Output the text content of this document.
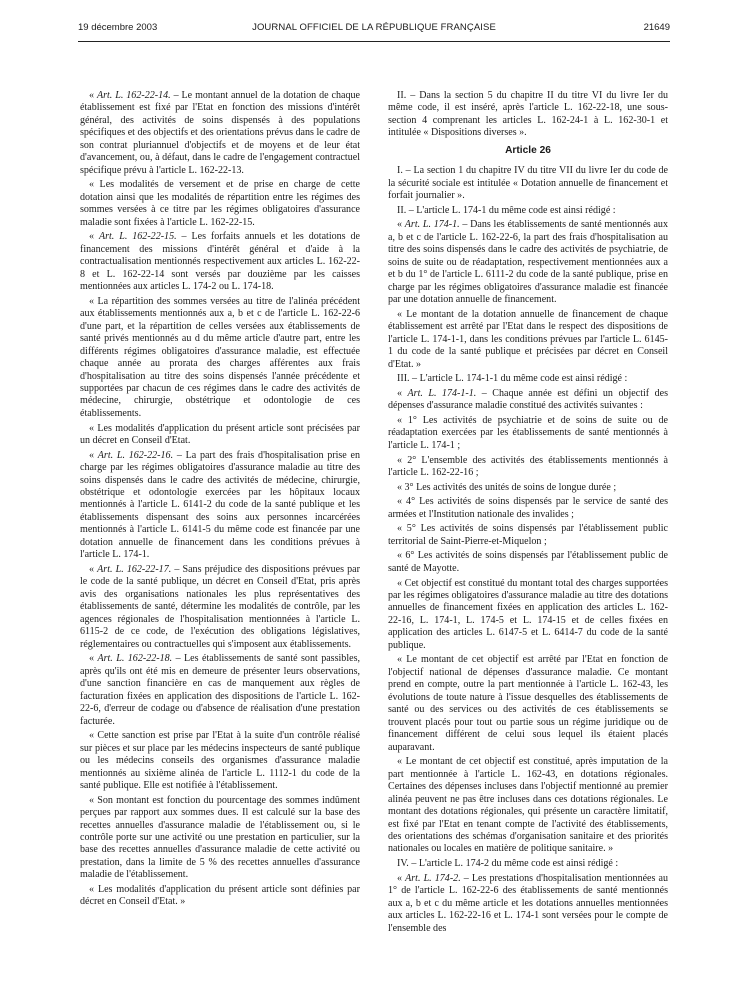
19 décembre 2003	JOURNAL OFFICIEL DE LA RÉPUBLIQUE FRANÇAISE	21649

« Art. L. 162-22-14. – Le montant annuel de la dotation de chaque établissement est fixé par l'Etat en fonction des missions d'intérêt général, des activités de soins dispensés à des populations spécifiques et des objectifs et des orientations prévus dans le cadre de son contrat pluriannuel d'objectifs et de moyens et de leur état d'avancement, ou, à défaut, dans le cadre de l'engagement contractuel spécifique prévu à l'article L. 162-22-13.

« Les modalités de versement et de prise en charge de cette dotation ainsi que les modalités de répartition entre les régimes des sommes versées à ce titre par les régimes obligatoires d'assurance maladie sont fixées à l'article L. 162-22-15.

« Art. L. 162-22-15. – Les forfaits annuels et les dotations de financement des missions d'intérêt général et d'aide à la contractualisation mentionnés respectivement aux articles L. 162-22-8 et L. 162-22-14 sont versés par douzième par les caisses mentionnées aux articles L. 174-2 ou L. 174-18.

« La répartition des sommes versées au titre de l'alinéa précédent aux établissements mentionnés aux a, b et c de l'article L. 162-22-6 d'une part, et la répartition de celles versées aux établissements de santé privés mentionnés au d du même article d'autre part, entre les différents régimes obligatoires d'assurance maladie, est effectuée chaque année au prorata des charges afférentes aux frais d'hospitalisation au titre des soins dispensés l'année précédente et supportées par chacun de ces régimes dans le cadre des activités de médecine, chirurgie, obstétrique et odontologie de ces établissements.

« Les modalités d'application du présent article sont précisées par un décret en Conseil d'Etat.

« Art. L. 162-22-16. – La part des frais d'hospitalisation prise en charge par les régimes obligatoires d'assurance maladie au titre des soins dispensés dans le cadre des activités de médecine, chirurgie, obstétrique et odontologie exercées par les hôpitaux locaux mentionnés à l'article L. 6141-2 du code de la santé publique et les établissements dispensant des soins aux personnes incarcérées mentionnés à l'article L. 6141-5 du même code est financée par une dotation annuelle de financement dans les conditions prévues à l'article L. 174-1.

« Art. L. 162-22-17. – Sans préjudice des dispositions prévues par le code de la santé publique, un décret en Conseil d'Etat, pris après avis des organisations nationales les plus représentatives des établissements de santé, détermine les modalités de contrôle, par les agences régionales de l'hospitalisation mentionnées à l'article L. 6115-2 de ce code, de l'exécution des obligations législatives, réglementaires ou contractuelles qui s'imposent aux établissements.

« Art. L. 162-22-18. – Les établissements de santé sont passibles, après qu'ils ont été mis en demeure de présenter leurs observations, d'une sanction financière en cas de manquement aux règles de facturation fixées en application des dispositions de l'article L. 162-22-6, d'erreur de codage ou d'absence de réalisation d'une prestation facturée.

« Cette sanction est prise par l'Etat à la suite d'un contrôle réalisé sur pièces et sur place par les médecins inspecteurs de santé publique ou les médecins conseils des organismes d'assurance maladie mentionnés au sixième alinéa de l'article L. 1112-1 du code de la santé publique. Elle est notifiée à l'établissement.

« Son montant est fonction du pourcentage des sommes indûment perçues par rapport aux sommes dues. Il est calculé sur la base des recettes annuelles d'assurance maladie de l'établissement ou, si le contrôle porte sur une activité ou une prestation en particulier, sur la base des recettes annuelles d'assurance maladie de cette activité ou prestation, dans la limite de 5 % des recettes annuelles d'assurance maladie de l'établissement.

« Les modalités d'application du présent article sont définies par décret en Conseil d'Etat. »

II. – Dans la section 5 du chapitre II du titre VI du livre Ier du même code, il est inséré, après l'article L. 162-22-18, une sous-section 4 comprenant les articles L. 162-24-1 à L. 162-30-1 et intitulée « Dispositions diverses ».

Article 26

I. – La section 1 du chapitre IV du titre VII du livre Ier du code de la sécurité sociale est intitulée « Dotation annuelle de financement et forfait journalier ».

II. – L'article L. 174-1 du même code est ainsi rédigé :

« Art. L. 174-1. – Dans les établissements de santé mentionnés aux a, b et c de l'article L. 162-22-6, la part des frais d'hospitalisation au titre des soins dispensés dans le cadre des activités de psychiatrie, de soins de suite ou de réadaptation, respectivement mentionnées aux a et b du 1° de l'article L. 6111-2 du code de la santé publique, prise en charge par les régimes obligatoires d'assurance maladie est financée par une dotation annuelle de financement.

« Le montant de la dotation annuelle de financement de chaque établissement est arrêté par l'Etat dans le respect des dispositions de l'article L. 174-1-1, dans les conditions prévues par l'article L. 6145-1 du code de la santé publique et précisées par décret en Conseil d'Etat. »

III. – L'article L. 174-1-1 du même code est ainsi rédigé :

« Art. L. 174-1-1. – Chaque année est défini un objectif des dépenses d'assurance maladie constitué des activités suivantes :

« 1° Les activités de psychiatrie et de soins de suite ou de réadaptation exercées par les établissements de santé mentionnés à l'article L. 174-1 ;

« 2° L'ensemble des activités des établissements mentionnés à l'article L. 162-22-16 ;

« 3° Les activités des unités de soins de longue durée ;

« 4° Les activités de soins dispensés par le service de santé des armées et l'Institution nationale des invalides ;

« 5° Les activités de soins dispensés par l'établissement public territorial de Saint-Pierre-et-Miquelon ;

« 6° Les activités de soins dispensés par l'établissement public de santé de Mayotte.

« Cet objectif est constitué du montant total des charges supportées par les régimes obligatoires d'assurance maladie au titre des dotations annuelles de financement fixées en application des articles L. 162-22-16, L. 174-1, L. 174-5 et L. 174-15 et de celles fixées en application des articles L. 6147-5 et L. 6414-7 du code de la santé publique.

« Le montant de cet objectif est arrêté par l'Etat en fonction de l'objectif national de dépenses d'assurance maladie. Ce montant prend en compte, outre la part mentionnée à l'article L. 162-43, les évolutions de toute nature à l'issue desquelles des établissements de santé ou des services ou des activités de ces établissements se trouvent placés pour tout ou partie sous un régime juridique ou de financement différent de celui sous lequel ils étaient placés auparavant.

« Le montant de cet objectif est constitué, après imputation de la part mentionnée à l'article L. 162-43, en dotations régionales. Certaines des dépenses incluses dans l'objectif mentionné au premier alinéa peuvent ne pas être incluses dans ces dotations régionales. Le montant des dotations régionales, qui présente un caractère limitatif, est fixé par l'Etat en tenant compte de l'activité des établissements, des orientations des schémas d'organisation sanitaire et des priorités nationales ou locales en matière de politique sanitaire. »

IV. – L'article L. 174-2 du même code est ainsi rédigé :

« Art. L. 174-2. – Les prestations d'hospitalisation mentionnées au 1° de l'article L. 162-22-6 des établissements de santé mentionnés aux a, b et c du même article et les dotations annuelles mentionnées aux articles L. 162-22-16 et L. 174-1 sont versées pour le compte de l'ensemble des
